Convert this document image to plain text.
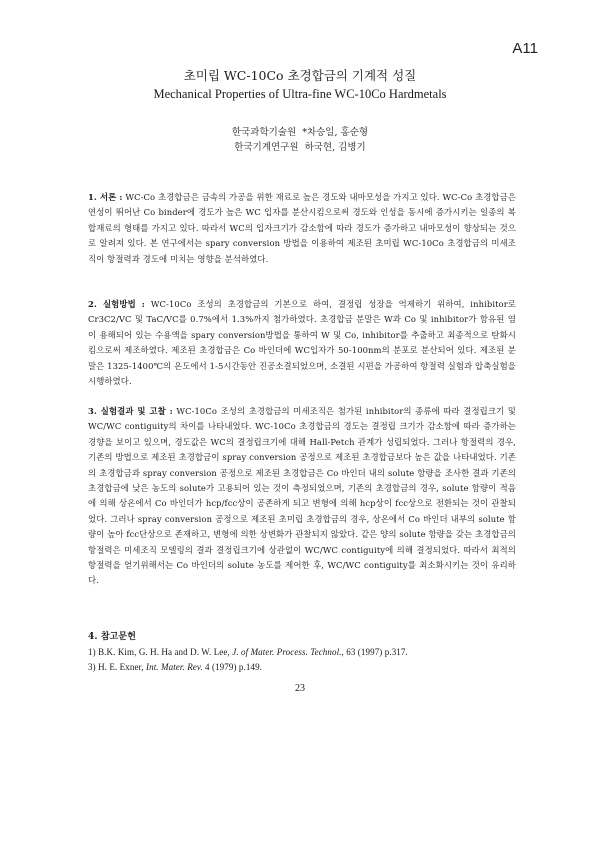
A11
초미립 WC-10Co 초경합금의 기계적 성질
Mechanical Properties of Ultra-fine WC-10Co Hardmetals
한국과학기술원  *차승일, 홍순형
한국기계연구원  하국현, 김병기
1. 서론 : WC-Co 초경합금은 금속의 가공을 위한 재료로 높은 경도와 내마모성을 가지고 있다. WC-Co 초경합금은 연성이 뛰어난 Co binder에 경도가 높은 WC 입자를 분산시킴으로써 경도와 인성을 동시에 증가시키는 일종의 복합재료의 형태를 가지고 있다. 따라서 WC의 입자크기가 감소함에 따라 경도가 증가하고 내마모성이 향상되는 것으로 알려져 있다. 본 연구에서는 spary conversion 방법을 이용하여 제조된 초미립 WC-10Co 초경합금의 미세조직이 항절력과 경도에 미치는 영향을 분석하였다.
2. 실험방법 : WC-10Co 조성의 초경합금의 기본으로 하여, 결정립 성장을 억제하기 위하여, inhibitor로 Cr3C2/VC 및 TaC/VC를 0.7%에서 1.3%까지 첨가하였다. 초경합금 분말은 W과 Co 및 inhibitor가 함유된 염이 용해되어 있는 수용액을 spary conversion방법을 통하여 W 및 Co, inhibitor를 추출하고 최종적으로 탄화시킴으로써 제조하였다. 제조된 초경합금은 Co 바인더에 WC입자가 50-100nm의 분포로 분산되어 있다. 제조된 분말은 1325-1400℃의 온도에서 1-5시간동안 진공소결되었으며, 소결된 시편을 가공하여 항절력 실험과 압축실험을 시행하였다.
3. 실험결과 및 고찰 : WC-10Co 조성의 초경합금의 미세조직은 첨가된 inhibitor의 종류에 따라 결정립크기 및 WC/WC contiguity의 차이를 나타내었다. WC-10Co 초경합금의 경도는 결정립 크기가 감소함에 따라 증가하는 경향을 보이고 있으며, 경도값은 WC의 결정립크기에 대해 Hall-Petch 관계가 성립되었다. 그러나 항절력의 경우, 기존의 방법으로 제조된 초경합금이 spray conversion 공정으로 제조된 초경합금보다 높은 값을 나타내었다. 기존의 초경합금과 spray conversion 공정으로 제조된 초경합금은 Co 바인더 내의 solute 함량을 조사한 결과 기존의 초경합금에 낮은 농도의 solute가 고용되어 있는 것이 측정되었으며, 기존의 초경합금의 경우, solute 함량이 적음에 의해 상온에서 Co 바인더가 hcp/fcc상이 공존하게 되고 변형에 의해 hcp상이 fcc상으로 전환되는 것이 관찰되었다. 그러나 spray conversion 공정으로 제조된 초미립 초경합금의 경우, 상온에서 Co 바인더 내부의 solute 함량이 높아 fcc단상으로 존재하고, 변형에 의한 상변화가 관찰되지 않았다. 같은 양의 solute 함량을 갖는 초경합금의 항절력은 미세조직 모델링의 결과 결정립크기에 상관없이 WC/WC contiguity에 의해 결정되었다. 따라서 최적의 항절력을 얻기위해서는 Co 바인더의 solute 농도를 제어한 후, WC/WC contiguity를 최소화시키는 것이 유리하다.
4. 참고문헌
1) B.K. Kim, G. H. Ha and D. W. Lee, J. of Mater. Process. Technol., 63 (1997) p.317.
3) H. E. Exner, Int. Mater. Rev. 4 (1979) p.149.
23
